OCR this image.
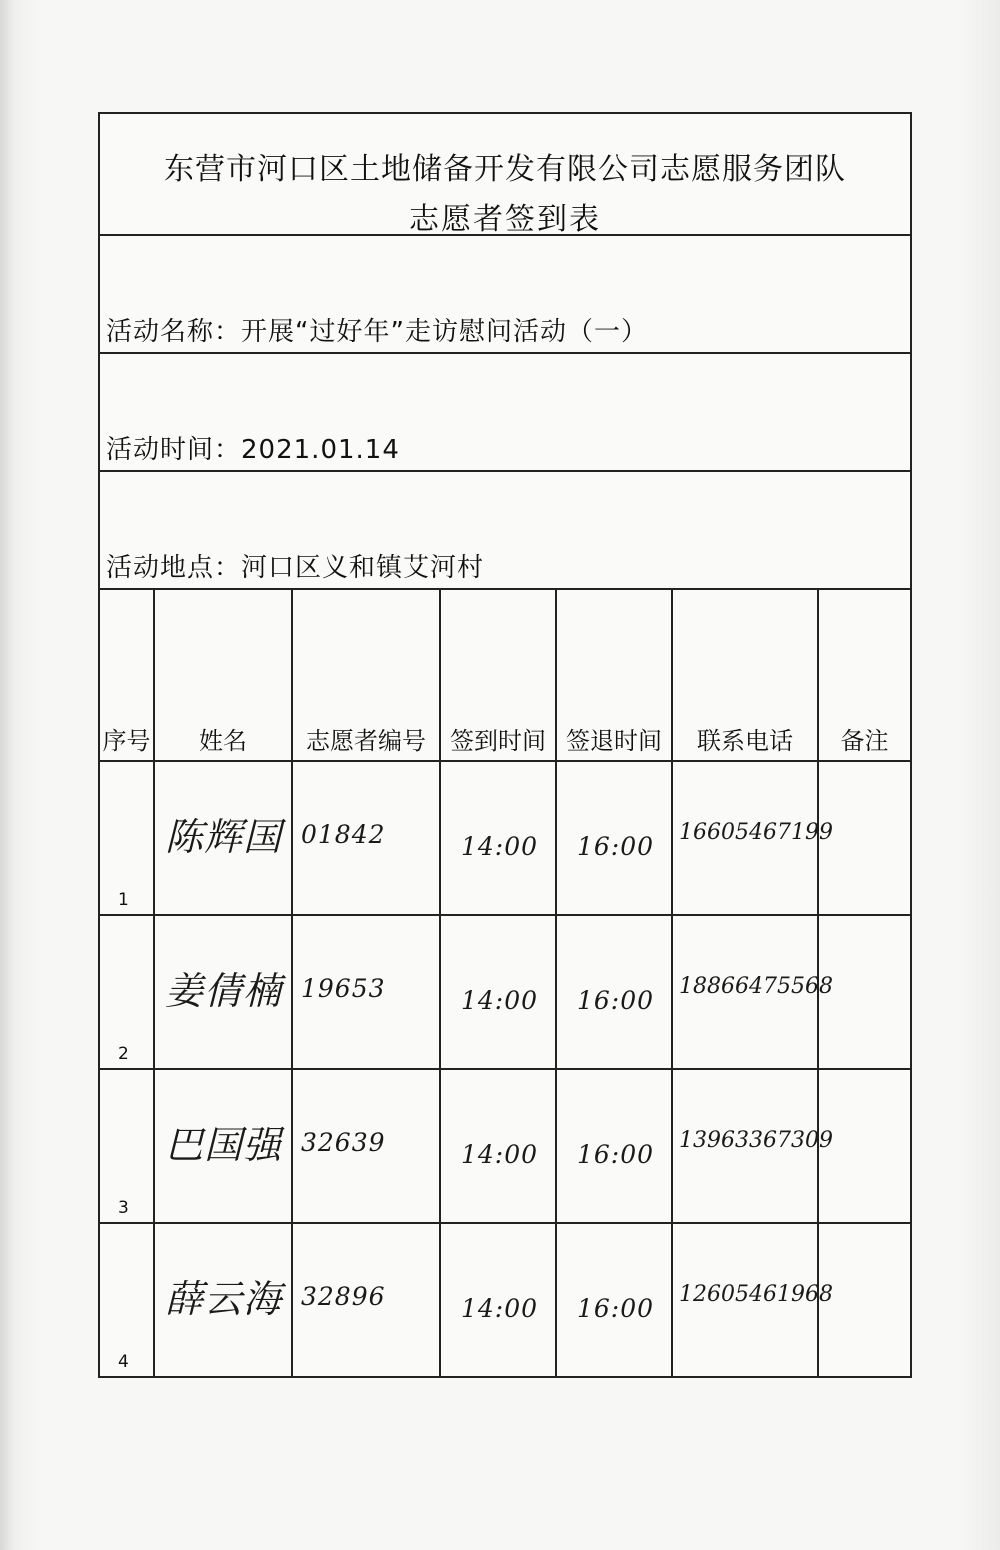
东营市河口区土地储备开发有限公司志愿服务团队
志愿者签到表
活动名称：开展“过好年”走访慰问活动（一）
活动时间：2021.01.14
活动地点：河口区义和镇艾河村
序号	姓名	志愿者编号	签到时间	签退时间	联系电话	备注

1	陈辉国	01842	14:00	16:00	16605467199	

2	姜倩楠	19653	14:00	16:00	18866475568	

3	巴国强	32639	14:00	16:00	13963367309	

4	薛云海	32896	14:00	16:00	12605461968	
